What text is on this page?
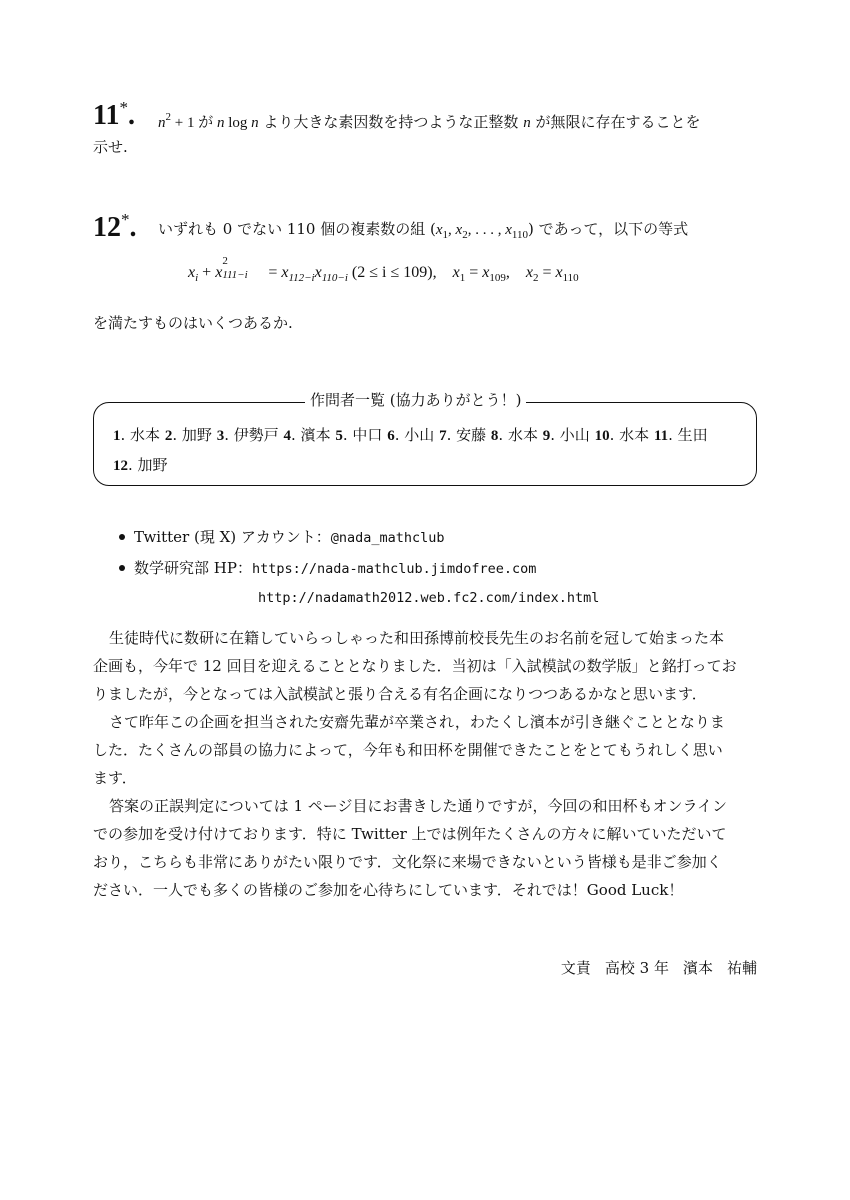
11*. $n^2 + 1$ が n log n より大きな素因数を持つような正整数 n が無限に存在することを
示せ.
12*. いずれも 0 でない 110 個の複素数の組 ($x_1$, $x_2$, . . . , $x_{110}$) であって，以下の等式
$x_i + x$
2
$111-i = x_{112-i}x_{110-i}$ (2 ≤ i ≤ 109), $x_1 = x_{109}$, $x_2 = x_{110}$
を満たすものはいくつあるか.
作問者一覧 (協力ありがとう！)
1. 水本 2. 加野 3. 伊勢戸 4. 濱本 5. 中口 6. 小山 7. 安藤 8. 水本 9. 小山 10. 水本 11. 生田
12. 加野
Twitter (現 X) アカウント：@nada_mathclub
数学研究部 HP：https://nada-mathclub.jimdofree.com
http://nadamath2012.web.fc2.com/index.html
生徒時代に数研に在籍していらっしゃった和田孫博前校長先生のお名前を冠して始まった本
企画も，今年で 12 回目を迎えることとなりました．当初は「入試模試の数学版」と銘打ってお
りましたが，今となっては入試模試と張り合える有名企画になりつつあるかなと思います．
さて昨年この企画を担当された安齋先輩が卒業され，わたくし濱本が引き継ぐこととなりま
した．たくさんの部員の協力によって，今年も和田杯を開催できたことをとてもうれしく思い
ます．
答案の正誤判定については 1 ページ目にお書きした通りですが，今回の和田杯もオンライン
での参加を受け付けております．特に Twitter 上では例年たくさんの方々に解いていただいて
おり，こちらも非常にありがたい限りです．文化祭に来場できないという皆様も是非ご参加く
ださい．一人でも多くの皆様のご参加を心待ちにしています．それでは！Good Luck！
文責 高校 3 年 濱本 祐輔
